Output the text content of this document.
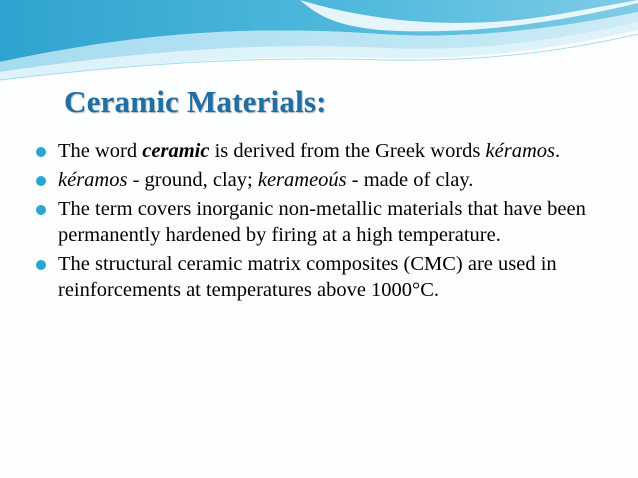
Ceramic Materials:
The word ceramic is derived from the Greek words kéramos.
kéramos - ground, clay; kerameoús - made of clay.
The term covers inorganic non-metallic materials that have been permanently hardened by firing at a high temperature.
The structural ceramic matrix composites (CMC) are used in reinforcements at temperatures above 1000°C.
